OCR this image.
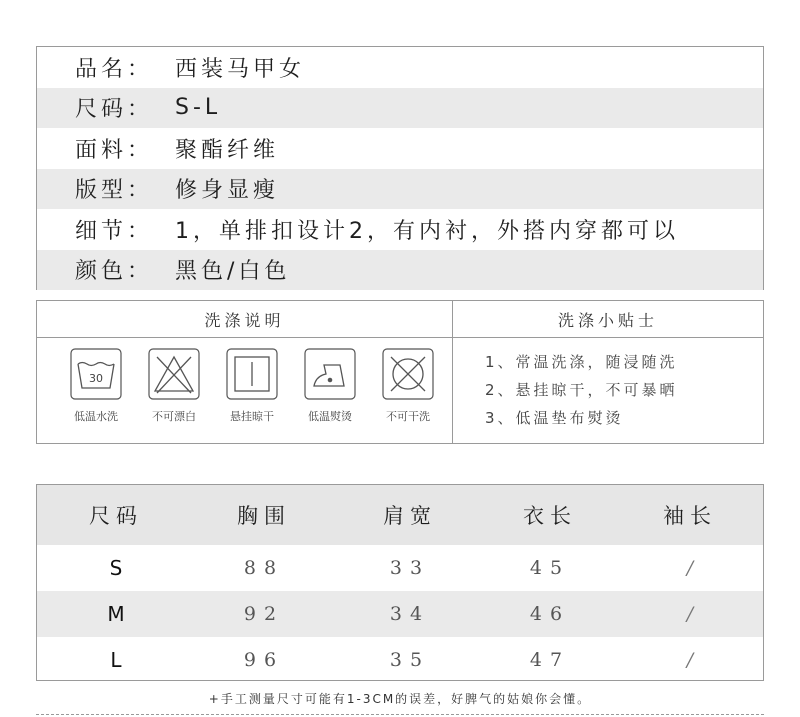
品名： 西装马甲女
尺码： S-L
面料： 聚酯纤维
版型： 修身显瘦
细节： 1，单排扣设计2，有内衬，外搭内穿都可以
颜色： 黑色/白色
洗涤说明
30
低温水洗	不可漂白	悬挂晾干	低温熨烫	不可干洗
洗涤小贴士
1、常温洗涤，随浸随洗
2、悬挂晾干，不可暴晒
3、低温垫布熨烫
尺码	胸围	肩宽	衣长	袖长
S	88	33	45	/
M	92	34	46	/
L	96	35	47	/
+手工测量尺寸可能有1-3CM的误差，好脾气的姑娘你会懂。
